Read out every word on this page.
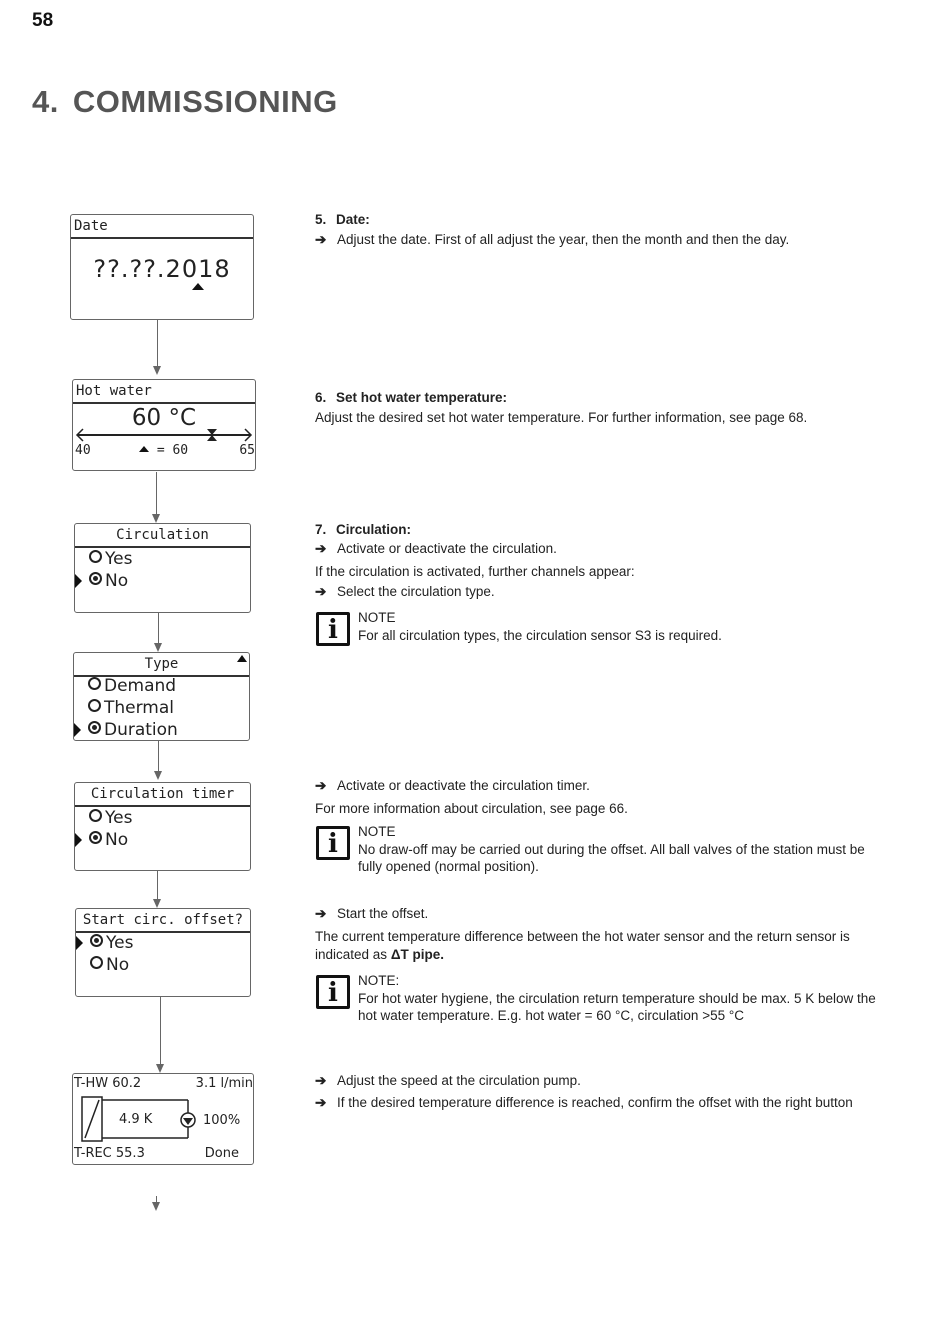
58
4. COMMISSIONING
Date
??.??.2018
Hot water
60 °C
40	= 60	65
Circulation
Yes
No
Type
Demand
Thermal
Duration
Circulation timer
Yes
No
Start circ. offset?
Yes
No
T-HW 60.2	3.1 l/min
4.9 K	100%
T-REC 55.3	Done
5. Date:
➔ Adjust the date. First of all adjust the year, then the month and then the day.
6. Set hot water temperature:
Adjust the desired set hot water temperature. For further information, see page 68.
7. Circulation:
➔ Activate or deactivate the circulation.
If the circulation is activated, further channels appear:
➔ Select the circulation type.
i	NOTE
For all circulation types, the circulation sensor S3 is required.
➔ Activate or deactivate the circulation timer.
For more information about circulation, see page 66.
i	NOTE
No draw-off may be carried out during the offset. All ball valves of the station must be
fully opened (normal position).
➔ Start the offset.
The current temperature difference between the hot water sensor and the return sensor is
indicated as ΔT pipe.
i	NOTE:
For hot water hygiene, the circulation return temperature should be max. 5 K below the
hot water temperature. E.g. hot water = 60 °C, circulation >55 °C
➔ Adjust the speed at the circulation pump.
➔ If the desired temperature difference is reached, confirm the offset with the right button
